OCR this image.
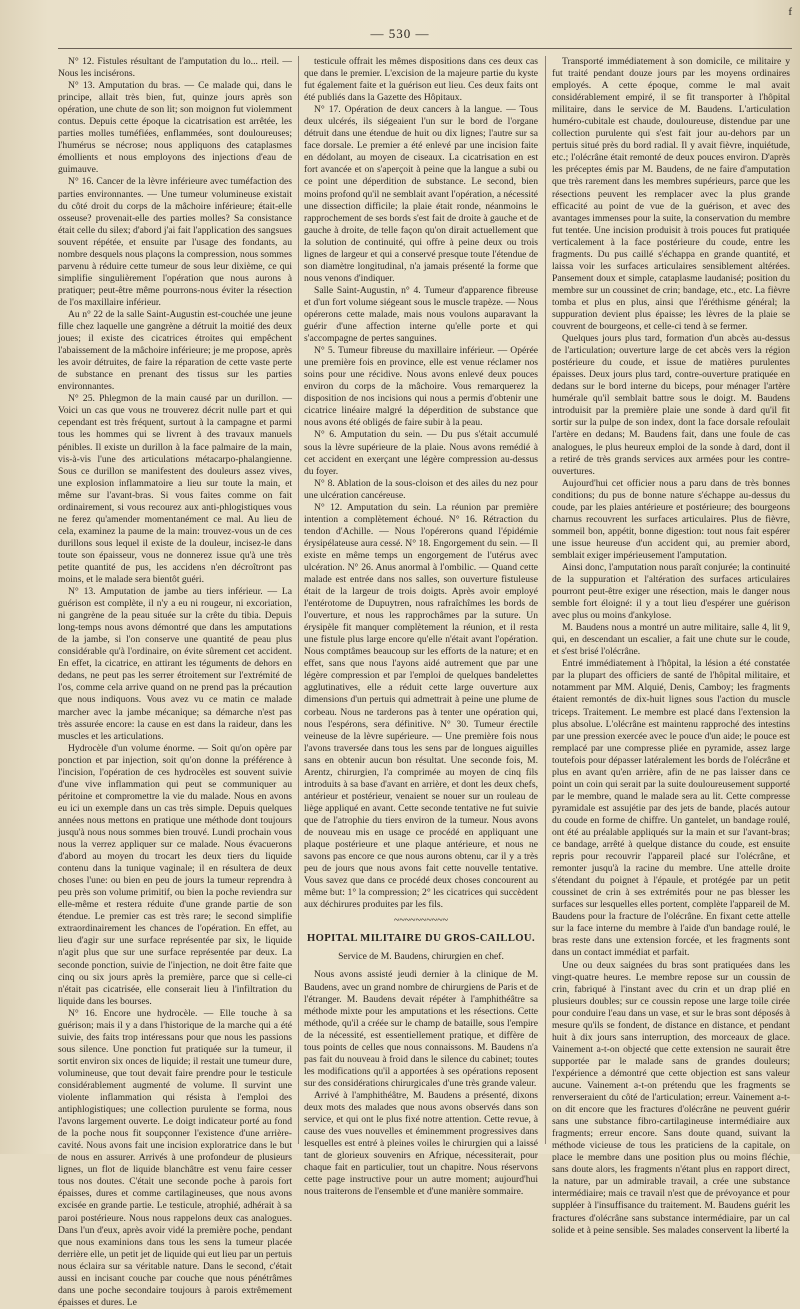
f
— 530 —

N° 12. Fistules résultant de l'amputation du lo... rteil. — Nous les incisérons.

N° 13. Amputation du bras. — Ce malade qui, dans le principe, allait très bien, fut, quinze jours après son opération, une chute de son lit; son moignon fut violemment contus. Depuis cette époque la cicatrisation est arrêtée, les parties molles tuméfiées, enflammées, sont douloureuses; l'humérus se nécrose; nous appliquons des cataplasmes émollients et nous employons des injections d'eau de guimauve.

N° 16. Cancer de la lèvre inférieure avec tuméfaction des parties environnantes. — Une tumeur volumineuse existait du côté droit du corps de la mâchoire inférieure; était-elle osseuse? provenait-elle des parties molles? Sa consistance était celle du silex; d'abord j'ai fait l'application des sangsues souvent répétée, et ensuite par l'usage des fondants, au nombre desquels nous plaçons la compression, nous sommes parvenu à réduire cette tumeur de sous leur dixième, ce qui simplifie singulièrement l'opération que nous aurons à pratiquer; peut-être même pourrons-nous éviter la résection de l'os maxillaire inférieur.

Au n° 22 de la salle Saint-Augustin est-couchée une jeune fille chez laquelle une gangrène a détruit la moitié des deux joues; il existe des cicatrices étroites qui empêchent l'abaissement de la mâchoire inférieure; je me propose, après les avoir détruites, de faire la réparation de cette vaste perte de substance en prenant des tissus sur les parties environnantes.

N° 25. Phlegmon de la main causé par un durillon. — Voici un cas que vous ne trouverez décrit nulle part et qui cependant est très fréquent, surtout à la campagne et parmi tous les hommes qui se livrent à des travaux manuels pénibles. Il existe un durillon à la face palmaire de la main, vis-à-vis l'une des articulations métacarpo-phalangienne. Sous ce durillon se manifestent des douleurs assez vives, une explosion inflammatoire a lieu sur toute la main, et même sur l'avant-bras. Si vous faites comme on fait ordinairement, si vous recourez aux anti-phlogistiques vous ne ferez qu'amender momentanément ce mal. Au lieu de cela, examinez la paume de la main: trouvez-vous un de ces durillons sous lequel il existe de la douleur, incisez-le dans toute son épaisseur, vous ne donnerez issue qu'à une très petite quantité de pus, les accidens n'en décroîtront pas moins, et le malade sera bientôt guéri.

N° 13. Amputation de jambe au tiers inférieur. — La guérison est complète, il n'y a eu ni rougeur, ni excoriation, ni gangrène de la peau située sur la crête du tibia. Depuis long-temps nous avons démontré que dans les amputations de la jambe, si l'on conserve une quantité de peau plus considérable qu'à l'ordinaire, on évite sûrement cet accident. En effet, la cicatrice, en attirant les téguments de dehors en dedans, ne peut pas les serrer étroitement sur l'extrémité de l'os, comme cela arrive quand on ne prend pas la précaution que nous indiquons. Vous avez vu ce matin ce malade marcher avec la jambe mécanique; sa démarche n'est pas très assurée encore: la cause en est dans la raideur, dans les muscles et les articulations.

Hydrocèle d'un volume énorme. — Soit qu'on opère par ponction et par injection, soit qu'on donne la préférence à l'incision, l'opération de ces hydrocèles est souvent suivie d'une vive inflammation qui peut se communiquer au péritoine et compromettre la vie du malade. Nous en avons eu ici un exemple dans un cas très simple. Depuis quelques années nous mettons en pratique une méthode dont toujours jusqu'à nous nous sommes bien trouvé. Lundi prochain vous nous la verrez appliquer sur ce malade. Nous évacuerons d'abord au moyen du trocart les deux tiers du liquide contenu dans la tunique vaginale; il en résultera de deux choses l'une: ou bien en peu de jours la tumeur reprendra à peu près son volume primitif, ou bien la poche reviendra sur elle-même et restera réduite d'une grande partie de son étendue. Le premier cas est très rare; le second simplifie extraordinairement les chances de l'opération. En effet, au lieu d'agir sur une surface représentée par six, le liquide n'agit plus que sur une surface représentée par deux. La seconde ponction, suivie de l'injection, ne doit être faite que cinq ou six jours après la première, parce que si celle-ci n'était pas cicatrisée, elle conserait lieu à l'infiltration du liquide dans les bourses.

N° 16. Encore une hydrocèle. — Elle touche à sa guérison; mais il y a dans l'historique de la marche qui a été suivie, des faits trop intéressans pour que nous les passions sous silence. Une ponction fut pratiquée sur la tumeur, il sortit environ six onces de liquide; il restait une tumeur dure, volumineuse, que tout devait faire prendre pour le testicule considérablement augmenté de volume. Il survint une violente inflammation qui résista à l'emploi des antiphlogistiques; une collection purulente se forma, nous l'avons largement ouverte. Le doigt indicateur porté au fond de la poche nous fit soupçonner l'existence d'une arrière-cavité. Nous avons fait une incision exploratrice dans le but de nous en assurer. Arrivés à une profondeur de plusieurs lignes, un flot de liquide blanchâtre est venu faire cesser tous nos doutes. C'était une seconde poche à parois fort épaisses, dures et comme cartilagineuses, que nous avons excisée en grande partie. Le testicule, atrophié, adhérait à sa paroi postérieure. Nous nous rappelons deux cas analogues. Dans l'un d'eux, après avoir vidé la première poche, pendant que nous examinions dans tous les sens la tumeur placée derrière elle, un petit jet de liquide qui eut lieu par un pertuis nous éclaira sur sa véritable nature. Dans le second, c'était aussi en incisant couche par couche que nous pénétrâmes dans une poche secondaire toujours à parois extrêmement épaisses et dures. Le

testicule offrait les mêmes dispositions dans ces deux cas que dans le premier. L'excision de la majeure partie du kyste fut également faite et la guérison eut lieu. Ces deux faits ont été publiés dans la Gazette des Hôpitaux.

N° 17. Opération de deux cancers à la langue. — Tous deux ulcérés, ils siégeaient l'un sur le bord de l'organe détruit dans une étendue de huit ou dix lignes; l'autre sur sa face dorsale. Le premier a été enlevé par une incision faite en dédolant, au moyen de ciseaux. La cicatrisation en est fort avancée et on s'aperçoit à peine que la langue a subi ou ce point une déperdition de substance. Le second, bien moins profond qu'il ne semblait avant l'opération, a nécessité une dissection difficile; la plaie était ronde, néanmoins le rapprochement de ses bords s'est fait de droite à gauche et de gauche à droite, de telle façon qu'on dirait actuellement que la solution de continuité, qui offre à peine deux ou trois lignes de largeur et qui a conservé presque toute l'étendue de son diamètre longitudinal, n'a jamais présenté la forme que nous venons d'indiquer.

Salle Saint-Augustin, n° 4. Tumeur d'apparence fibreuse et d'un fort volume siégeant sous le muscle trapèze. — Nous opérerons cette malade, mais nous voulons auparavant la guérir d'une affection interne qu'elle porte et qui s'accompagne de pertes sanguines.

N° 5. Tumeur fibreuse du maxillaire inférieur. — Opérée une première fois en province, elle est venue réclamer nos soins pour une récidive. Nous avons enlevé deux pouces environ du corps de la mâchoire. Vous remarquerez la disposition de nos incisions qui nous a permis d'obtenir une cicatrice linéaire malgré la déperdition de substance que nous avons été obligés de faire subir à la peau.

N° 6. Amputation du sein. — Du pus s'était accumulé sous la lèvre supérieure de la plaie. Nous avons remédié à cet accident en exerçant une légère compression au-dessus du foyer.

N° 8. Ablation de la sous-cloison et des ailes du nez pour une ulcération cancéreuse.

N° 12. Amputation du sein. La réunion par première intention a complètement échoué. N° 16. Rétraction du tendon d'Achille. — Nous l'opérerons quand l'épidémie érysipélateuse aura cessé. N° 18. Engorgement du sein. — Il existe en même temps un engorgement de l'utérus avec ulcération. N° 26. Anus anormal à l'ombilic. — Quand cette malade est entrée dans nos salles, son ouverture fistuleuse était de la largeur de trois doigts. Après avoir employé l'entérotome de Dupuytren, nous rafraîchîmes les bords de l'ouverture, et nous les rapprochâmes par la suture. Un érysipèle fit manquer complètement la réunion, et il resta une fistule plus large encore qu'elle n'était avant l'opération. Nous comptâmes beaucoup sur les efforts de la nature; et en effet, sans que nous l'ayons aidé autrement que par une légère compression et par l'emploi de quelques bandelettes agglutinatives, elle a réduit cette large ouverture aux dimensions d'un pertuis qui admettrait à peine une plume de corbeau. Nous ne tarderons pas à tenter une opération qui, nous l'espérons, sera définitive. N° 30. Tumeur érectile veineuse de la lèvre supérieure. — Une première fois nous l'avons traversée dans tous les sens par de longues aiguilles sans en obtenir aucun bon résultat. Une seconde fois, M. Arentz, chirurgien, l'a comprimée au moyen de cinq fils introduits à sa base d'avant en arrière, et dont les deux chefs, antérieur et postérieur, venaient se nouer sur un rouleau de liège appliqué en avant. Cette seconde tentative ne fut suivie que de l'atrophie du tiers environ de la tumeur. Nous avons de nouveau mis en usage ce procédé en appliquant une plaque postérieure et une plaque antérieure, et nous ne savons pas encore ce que nous aurons obtenu, car il y a très peu de jours que nous avons fait cette nouvelle tentative. Vous savez que dans ce procédé deux choses concourent au même but: 1° la compression; 2° les cicatrices qui succèdent aux déchirures produites par les fils.

~~~~~~~~~~
HOPITAL MILITAIRE DU GROS-CAILLOU.
Service de M. Baudens, chirurgien en chef.

Nous avons assisté jeudi dernier à la clinique de M. Baudens, avec un grand nombre de chirurgiens de Paris et de l'étranger. M. Baudens devait répéter à l'amphithéâtre sa méthode mixte pour les amputations et les résections. Cette méthode, qu'il a créée sur le champ de bataille, sous l'empire de la nécessité, est essentiellement pratique, et diffère de tous points de celles que nous connaissons. M. Baudens n'a pas fait du nouveau à froid dans le silence du cabinet; toutes les modifications qu'il a apportées à ses opérations reposent sur des considérations chirurgicales d'une très grande valeur.

Arrivé à l'amphithéâtre, M. Baudens a présenté, dixons deux mots des malades que nous avons observés dans son service, et qui ont le plus fixé notre attention. Cette revue, à cause des vues nouvelles et éminemment progressives dans lesquelles est entré à pleines voiles le chirurgien qui a laissé tant de glorieux souvenirs en Afrique, nécessiterait, pour chaque fait en particulier, tout un chapitre. Nous réservons cette page instructive pour un autre moment; aujourd'hui nous traiterons de l'ensemble et d'une manière sommaire.

Transporté immédiatement à son domicile, ce militaire y fut traité pendant douze jours par les moyens ordinaires employés. A cette époque, comme le mal avait considérablement empiré, il se fit transporter à l'hôpital militaire, dans le service de M. Baudens. L'articulation huméro-cubitale est chaude, douloureuse, distendue par une collection purulente qui s'est fait jour au-dehors par un pertuis situé près du bord radial. Il y avait fièvre, inquiétude, etc.; l'olécrâne était remonté de deux pouces environ. D'après les préceptes émis par M. Baudens, de ne faire d'amputation que très rarement dans les membres supérieurs, parce que les résections peuvent les remplacer avec la plus grande efficacité au point de vue de la guérison, et avec des avantages immenses pour la suite, la conservation du membre fut tentée. Une incision produisit à trois pouces fut pratiquée verticalement à la face postérieure du coude, entre les fragments. Du pus caillé s'échappa en grande quantité, et laissa voir les surfaces articulaires sensiblement altérées. Pansement doux et simple, cataplasme laudanisé; position du membre sur un coussinet de crin; bandage, etc., etc. La fièvre tomba et plus en plus, ainsi que l'éréthisme général; la suppuration devient plus épaisse; les lèvres de la plaie se couvrent de bourgeons, et celle-ci tend à se fermer.

Quelques jours plus tard, formation d'un abcès au-dessus de l'articulation; ouverture large de cet abcès vers la région postérieure du coude, et issue de matières purulentes épaisses. Deux jours plus tard, contre-ouverture pratiquée en dedans sur le bord interne du biceps, pour ménager l'artère humérale qu'il semblait battre sous le doigt. M. Baudens introduisit par la première plaie une sonde à dard qu'il fit sortir sur la pulpe de son index, dont la face dorsale refoulait l'artère en dedans; M. Baudens fait, dans une foule de cas analogues, le plus heureux emploi de la sonde à dard, dont il a retiré de très grands services aux armées pour les contre-ouvertures.

Aujourd'hui cet officier nous a paru dans de très bonnes conditions; du pus de bonne nature s'échappe au-dessus du coude, par les plaies antérieure et postérieure; des bourgeons charnus recouvrent les surfaces articulaires. Plus de fièvre, sommeil bon, appétit, bonne digestion: tout nous fait espérer une issue heureuse d'un accident qui, au premier abord, semblait exiger impérieusement l'amputation.

Ainsi donc, l'amputation nous paraît conjurée; la continuité de la suppuration et l'altération des surfaces articulaires pourront peut-être exiger une résection, mais le danger nous semble fort éloigné: il y a tout lieu d'espérer une guérison avec plus ou moins d'ankylose.

M. Baudens nous a montré un autre militaire, salle 4, lit 9, qui, en descendant un escalier, a fait une chute sur le coude, et s'est brisé l'olécrâne.

Entré immédiatement à l'hôpital, la lésion a été constatée par la plupart des officiers de santé de l'hôpital militaire, et notamment par MM. Alquié, Denis, Camboy; les fragments étaient remontés de dix-huit lignes sous l'action du muscle triceps. Traitement. Le membre est placé dans l'extension la plus absolue. L'olécrâne est maintenu rapproché des intestins par une pression exercée avec le pouce d'un aide; le pouce est remplacé par une compresse pliée en pyramide, assez large toutefois pour dépasser latéralement les bords de l'olécrâne et plus en avant qu'en arrière, afin de ne pas laisser dans ce point un coin qui serait par la suite douloureusement supporté par le membre, quand le malade sera au lit. Cette compresse pyramidale est assujétie par des jets de bande, placés autour du coude en forme de chiffre. Un gantelet, un bandage roulé, ont été au préalable appliqués sur la main et sur l'avant-bras; ce bandage, arrêté à quelque distance du coude, est ensuite repris pour recouvrir l'appareil placé sur l'olécrâne, et remonter jusqu'à la racine du membre. Une attelle droite s'étendant du poignet à l'épaule, et protégée par un petit coussinet de crin à ses extrémités pour ne pas blesser les surfaces sur lesquelles elles portent, complète l'appareil de M. Baudens pour la fracture de l'olécrâne. En fixant cette attelle sur la face interne du membre à l'aide d'un bandage roulé, le bras reste dans une extension forcée, et les fragments sont dans un contact immédiat et parfait.

Une ou deux saignées du bras sont pratiquées dans les vingt-quatre heures. Le membre repose sur un coussin de crin, fabriqué à l'instant avec du crin et un drap plié en plusieurs doubles; sur ce coussin repose une large toile cirée pour conduire l'eau dans un vase, et sur le bras sont déposés à mesure qu'ils se fondent, de distance en distance, et pendant huit à dix jours sans interruption, des morceaux de glace. Vainement a-t-on objecté que cette extension ne saurait être supportée par le malade sans de grandes douleurs; l'expérience a démontré que cette objection est sans valeur aucune. Vainement a-t-on prétendu que les fragments se renverseraient du côté de l'articulation; erreur. Vainement a-t-on dit encore que les fractures d'olécrâne ne peuvent guérir sans une substance fibro-cartilagineuse intermédiaire aux fragments; erreur encore. Sans doute quand, suivant la méthode vicieuse de tous les praticiens de la capitale, on place le membre dans une position plus ou moins fléchie, sans doute alors, les fragments n'étant plus en rapport direct, la nature, par un admirable travail, a crée une substance intermédiaire; mais ce travail n'est que de prévoyance et pour suppléer à l'insuffisance du traitement. M. Baudens guérit les fractures d'olécrâne sans substance intermédiaire, par un cal solide et à peine sensible. Ses malades conservent la liberté la
